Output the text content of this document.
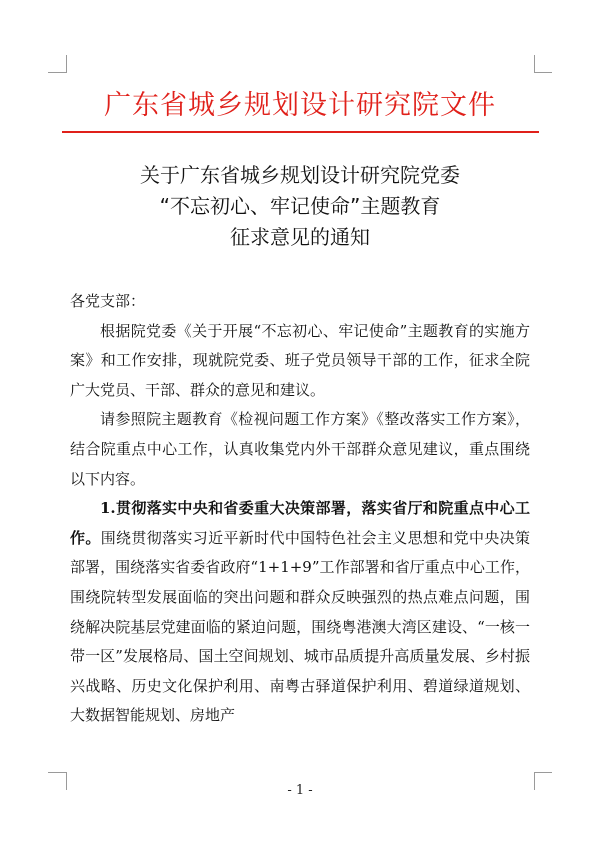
广东省城乡规划设计研究院文件
关于广东省城乡规划设计研究院党委
“不忘初心、牢记使命”主题教育
征求意见的通知

各党支部：

根据院党委《关于开展“不忘初心、牢记使命”主题教育的实施方案》和工作安排，现就院党委、班子党员领导干部的工作，征求全院广大党员、干部、群众的意见和建议。

请参照院主题教育《检视问题工作方案》《整改落实工作方案》，结合院重点中心工作，认真收集党内外干部群众意见建议，重点围绕以下内容。

1.贯彻落实中央和省委重大决策部署，落实省厅和院重点中心工作。围绕贯彻落实习近平新时代中国特色社会主义思想和党中央决策部署，围绕落实省委省政府“1+1+9”工作部署和省厅重点中心工作，围绕院转型发展面临的突出问题和群众反映强烈的热点难点问题，围绕解决院基层党建面临的紧迫问题，围绕粤港澳大湾区建设、“一核一带一区”发展格局、国土空间规划、城市品质提升高质量发展、乡村振兴战略、历史文化保护利用、南粤古驿道保护利用、碧道绿道规划、大数据智能规划、房地产

- 1 -
